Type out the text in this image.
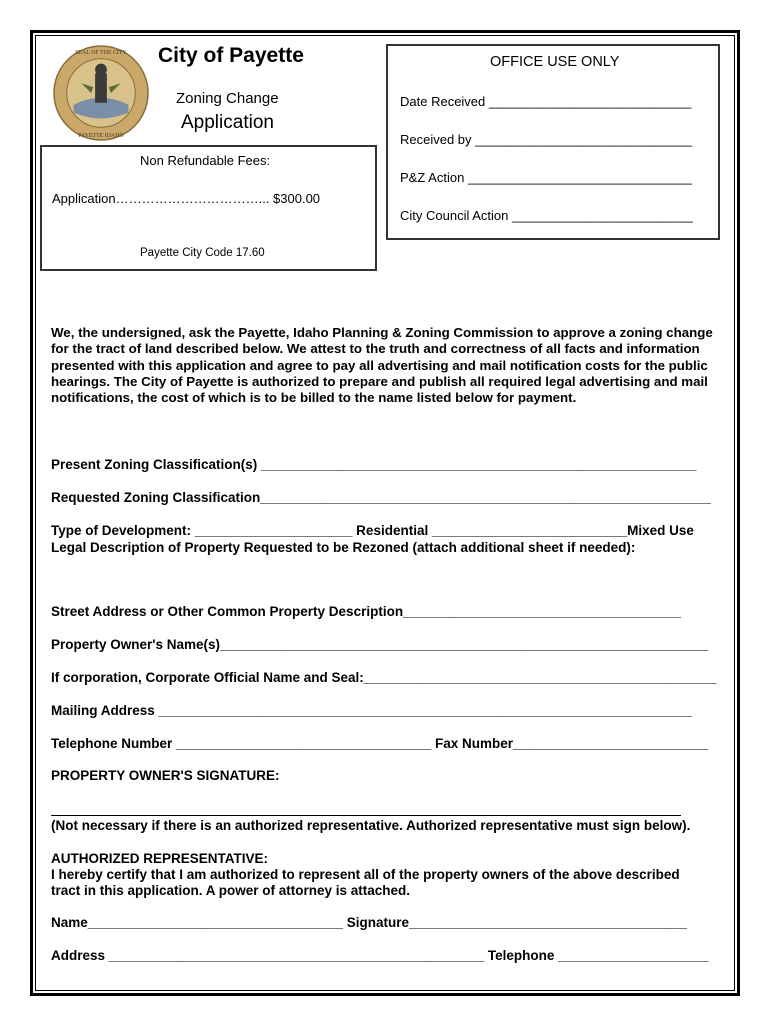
SEAL OF THE CITY
PAYETTE IDAHO
City of Payette
Zoning Change
Application
Non Refundable Fees:
Application……………………………... $300.00
Payette City Code 17.60
OFFICE USE ONLY
Date Received ____________________________
Received by ______________________________
P&Z Action _______________________________
City Council Action _________________________
We, the undersigned, ask the Payette, Idaho Planning & Zoning Commission to approve a zoning change for the tract of land described below. We attest to the truth and correctness of all facts and information presented with this application and agree to pay all advertising and mail notification costs for the public hearings. The City of Payette is authorized to prepare and publish all required legal advertising and mail notifications, the cost of which is to be billed to the name listed below for payment.
Present Zoning Classification(s) __________________________________________________________
Requested Zoning Classification____________________________________________________________
Type of Development: _____________________ Residential __________________________Mixed Use
Legal Description of Property Requested to be Rezoned (attach additional sheet if needed):
Street Address or Other Common Property Description_____________________________________
Property Owner's Name(s)_________________________________________________________________
If corporation, Corporate Official Name and Seal:_______________________________________________
Mailing Address _______________________________________________________________________
Telephone Number __________________________________ Fax Number__________________________
PROPERTY OWNER'S SIGNATURE:
(Not necessary if there is an authorized representative. Authorized representative must sign below).
AUTHORIZED REPRESENTATIVE:
I hereby certify that I am authorized to represent all of the property owners of the above described
tract in this application. A power of attorney is attached.
Name__________________________________ Signature_____________________________________
Address __________________________________________________ Telephone ____________________
